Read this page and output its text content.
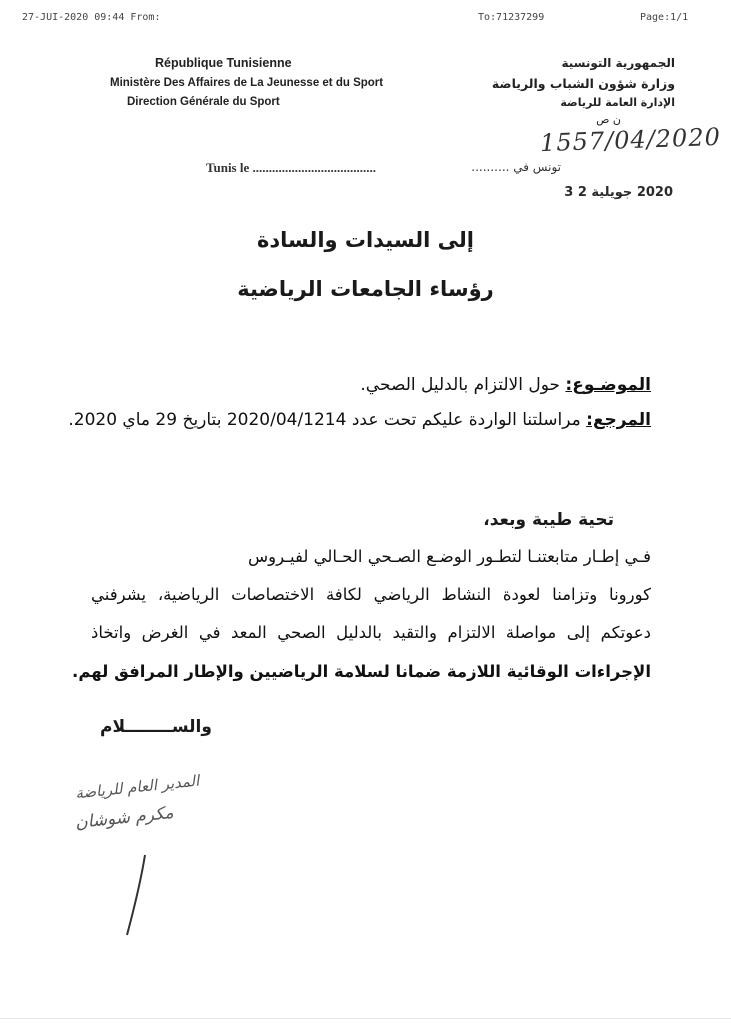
27-JUI-2020 09:44 From:	To:71237299	Page:1/1
République Tunisienne
Ministère Des Affaires de La Jeunesse et du Sport
Direction Générale du Sport
الجمهورية التونسية
وزارة شؤون الشباب والرياضة
الإدارة العامة للرياضة
ن ص
1557/04/2020
Tunis le ......................................	تونس في ..........
2020 جويلية 2 3
إلى السيدات والسادة
رؤساء الجامعات الرياضية
الموضـوع: حول الالتزام بالدليل الصحي.
المرجع: مراسلتنا الواردة عليكم تحت عدد 2020/04/1214 بتاريخ 29 ماي 2020.
تحية طيبة وبعد،
فـي إطـار متابعتنـا لتطـور الوضـع الصـحي الحـالي لفيـروس
كورونا وتزامنا لعودة النشاط الرياضي لكافة الاختصاصات الرياضية، يشرفني
دعوتكم إلى مواصلة الالتزام والتقيد بالدليل الصحي المعد في الغرض واتخاذ
الإجراءات الوقائية اللازمة ضمانا لسلامة الرياضيين والإطار المرافق لهم.
والســــــــلام
المدير العام للرياضة
مكرم شوشان
